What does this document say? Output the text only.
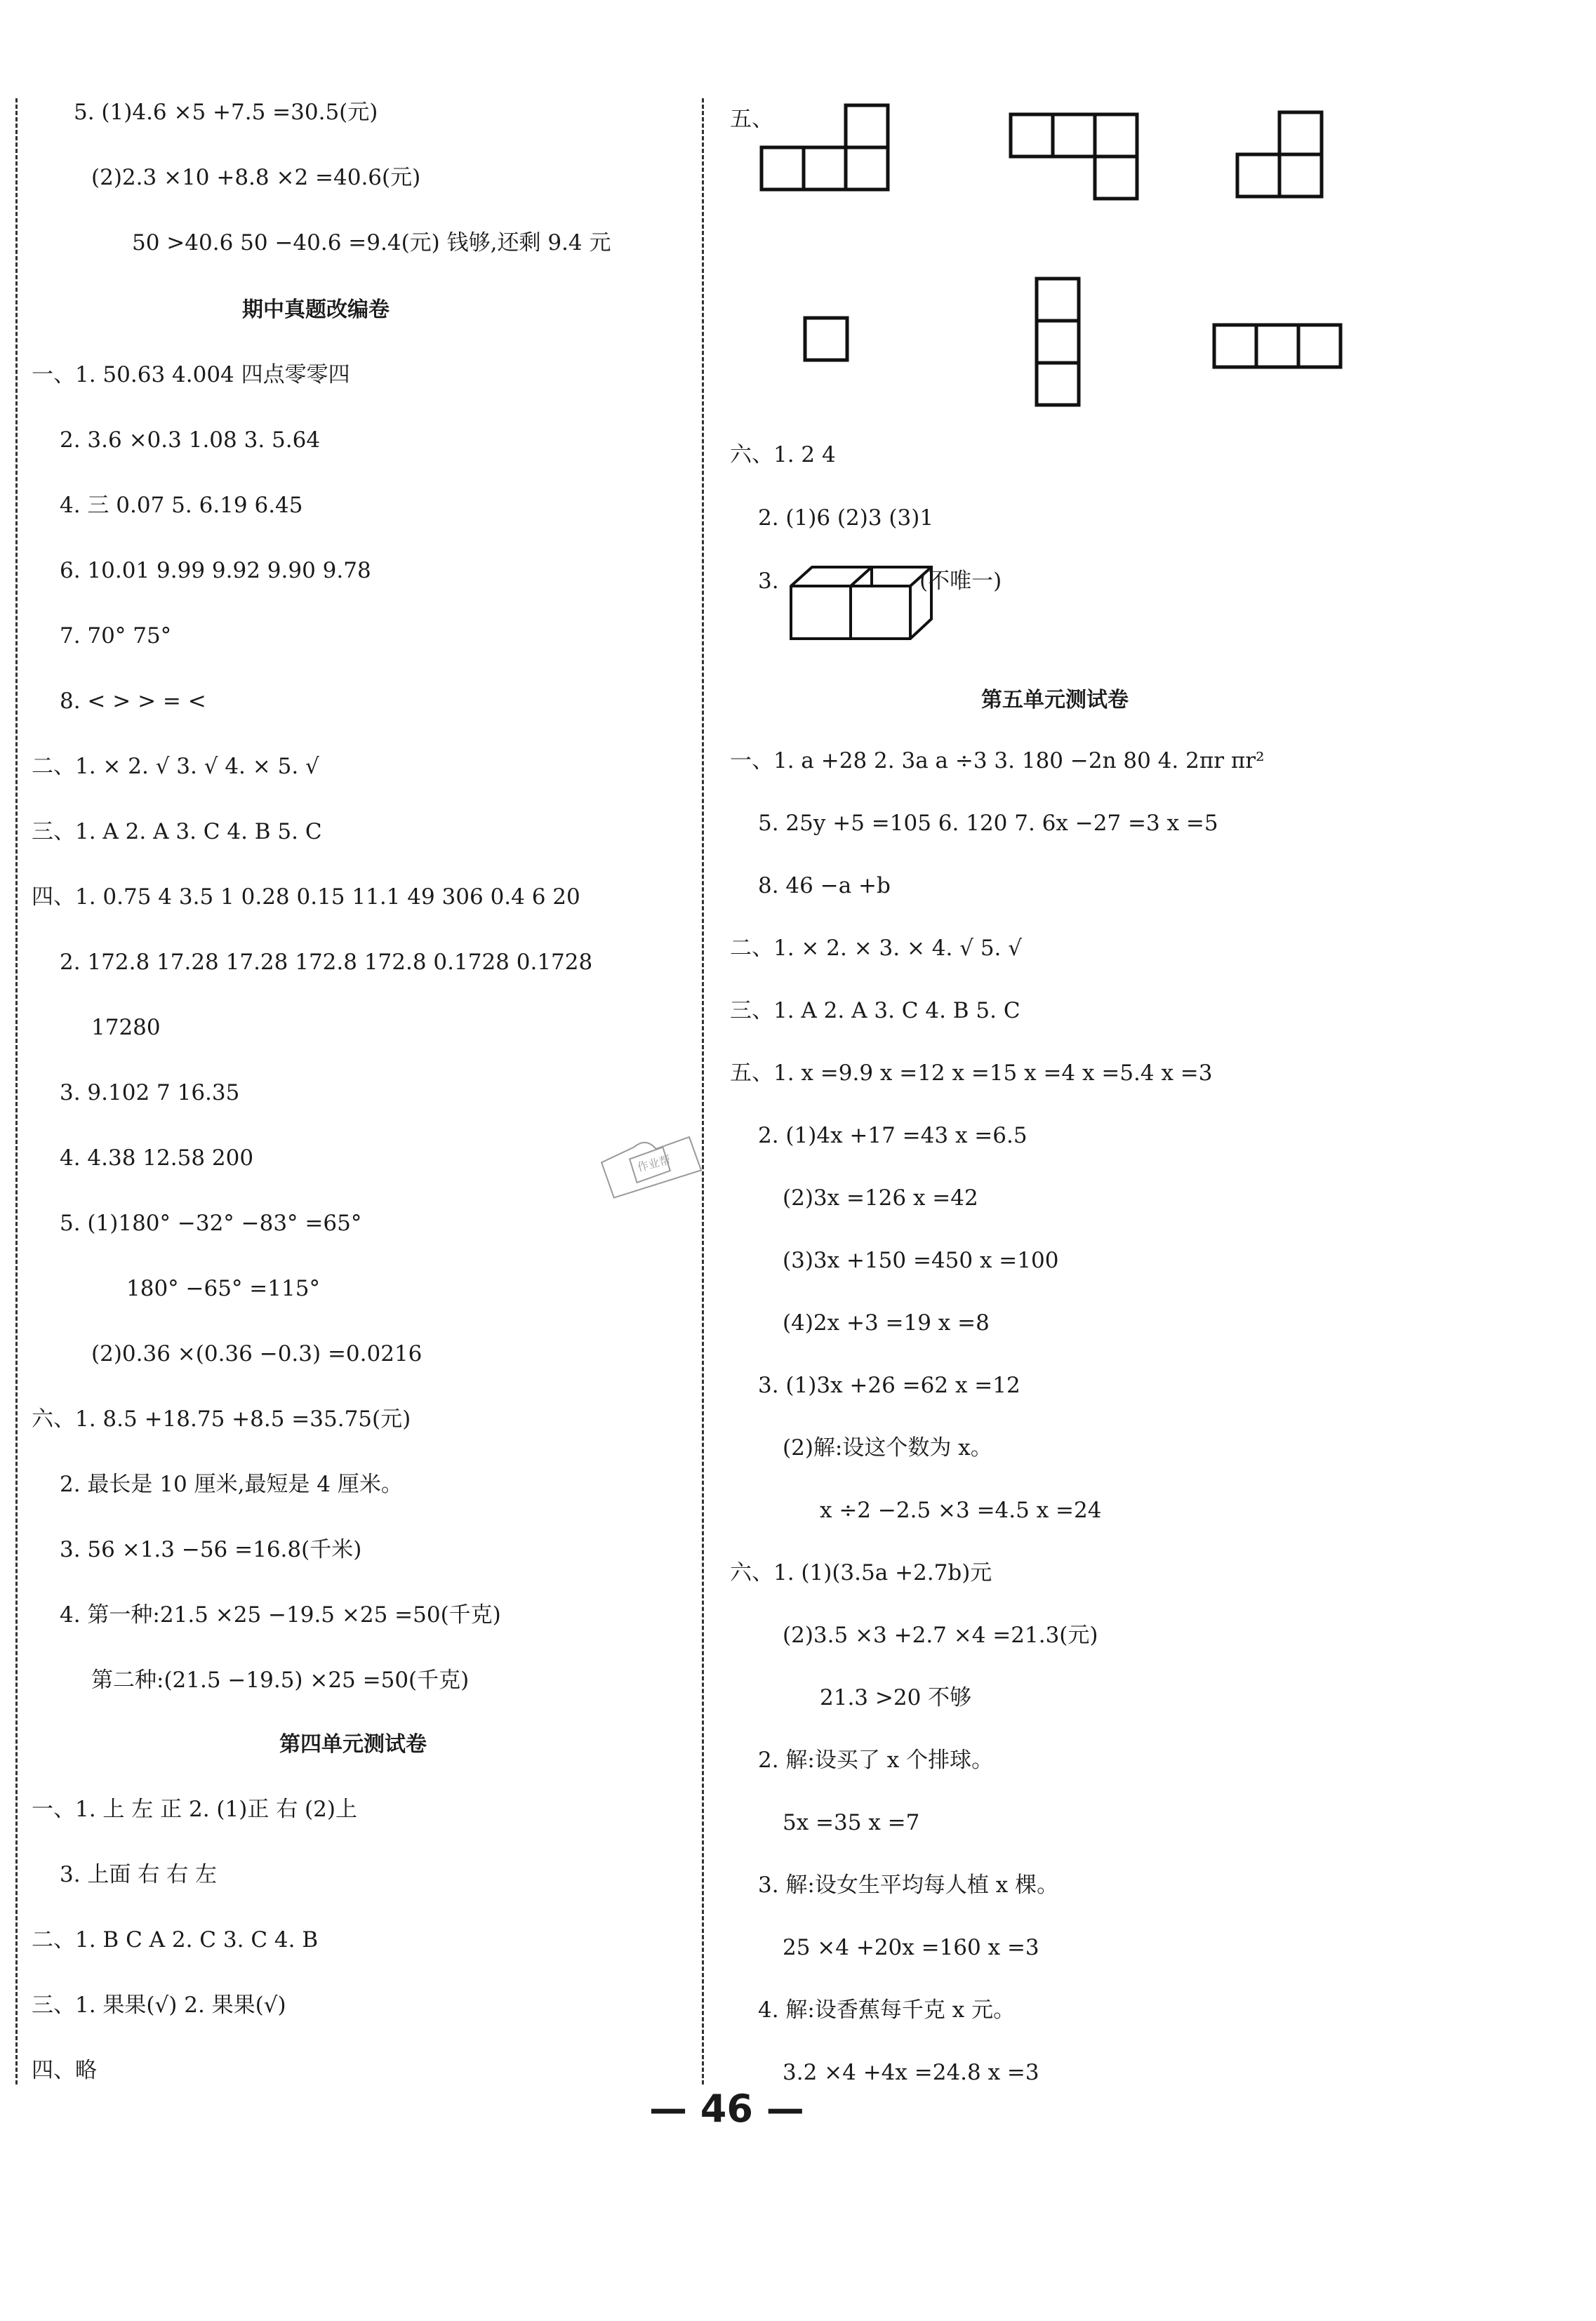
5. (1)4.6 ×5 +7.5 =30.5(元)
(2)2.3 ×10 +8.8 ×2 =40.6(元)
50 >40.6 50 −40.6 =9.4(元) 钱够,还剩 9.4 元
期中真题改编卷
一、1. 50.63 4.004 四点零零四
2. 3.6 ×0.3 1.08 3. 5.64
4. 三 0.07 5. 6.19 6.45
6. 10.01 9.99 9.92 9.90 9.78
7. 70° 75°
8. < > > = <
二、1. × 2. √ 3. √ 4. × 5. √
三、1. A 2. A 3. C 4. B 5. C
四、1. 0.75 4 3.5 1 0.28 0.15 11.1 49 306 0.4 6 20
2. 172.8 17.28 17.28 172.8 172.8 0.1728 0.1728
17280
3. 9.102 7 16.35
4. 4.38 12.58 200
5. (1)180° −32° −83° =65°
180° −65° =115°
(2)0.36 ×(0.36 −0.3) =0.0216
六、1. 8.5 +18.75 +8.5 =35.75(元)
2. 最长是 10 厘米,最短是 4 厘米。
3. 56 ×1.3 −56 =16.8(千米)
4. 第一种:21.5 ×25 −19.5 ×25 =50(千克)
第二种:(21.5 −19.5) ×25 =50(千克)
第四单元测试卷
一、1. 上 左 正 2. (1)正 右 (2)上
3. 上面 右 右 左
二、1. B C A 2. C 3. C 4. B
三、1. 果果(√) 2. 果果(√)
四、略
作业帮
五、
六、1. 2 4
2. (1)6 (2)3 (3)1
3.	(不唯一)
第五单元测试卷
一、1. a +28 2. 3a a ÷3 3. 180 −2n 80 4. 2πr πr²
5. 25y +5 =105 6. 120 7. 6x −27 =3 x =5
8. 46 −a +b
二、1. × 2. × 3. × 4. √ 5. √
三、1. A 2. A 3. C 4. B 5. C
五、1. x =9.9 x =12 x =15 x =4 x =5.4 x =3
2. (1)4x +17 =43 x =6.5
(2)3x =126 x =42
(3)3x +150 =450 x =100
(4)2x +3 =19 x =8
3. (1)3x +26 =62 x =12
(2)解:设这个数为 x。
x ÷2 −2.5 ×3 =4.5 x =24
六、1. (1)(3.5a +2.7b)元
(2)3.5 ×3 +2.7 ×4 =21.3(元)
21.3 >20 不够
2. 解:设买了 x 个排球。
5x =35 x =7
3. 解:设女生平均每人植 x 棵。
25 ×4 +20x =160 x =3
4. 解:设香蕉每千克 x 元。
3.2 ×4 +4x =24.8 x =3
— 46 —
